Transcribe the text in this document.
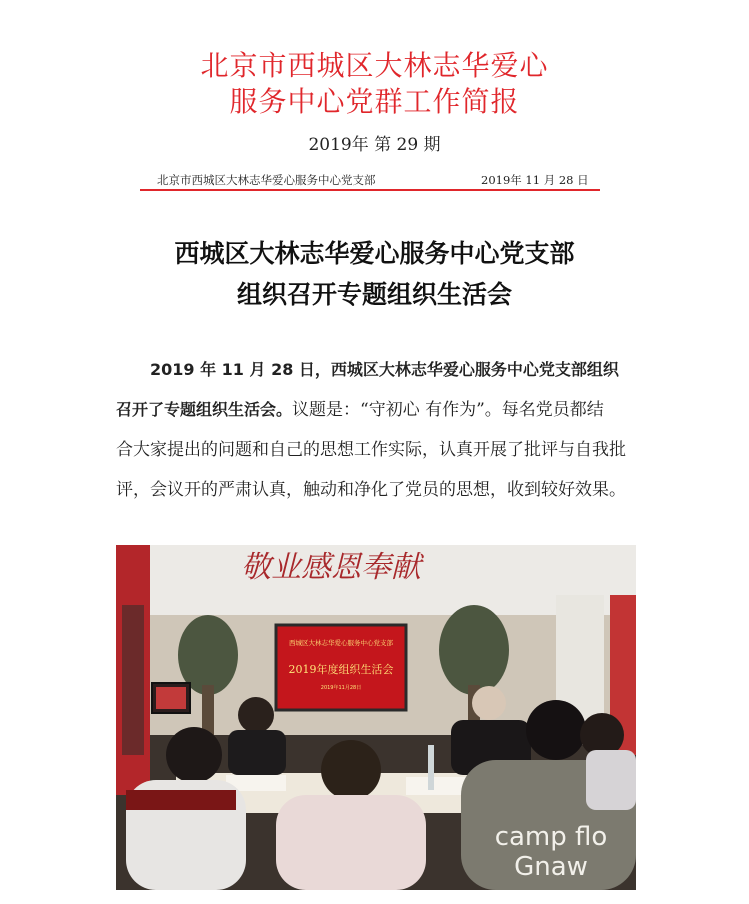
北京市西城区大林志华爱心
服务中心党群工作简报
2019年 第 29 期
北京市西城区大林志华爱心服务中心党支部	2019年 11 月 28 日
西城区大林志华爱心服务中心党支部
组织召开专题组织生活会
2019 年 11 月 28 日，西城区大林志华爱心服务中心党支部组织
召开了专题组织生活会。议题是：“守初心 有作为”。每名党员都结
合大家提出的问题和自己的思想工作实际，认真开展了批评与自我批
评，会议开的严肃认真，触动和净化了党员的思想，收到较好效果。
敬业感恩奉献
西城区大林志华爱心服务中心党支部
2019年度组织生活会
2019年11月28日
camp flo
Gnaw
